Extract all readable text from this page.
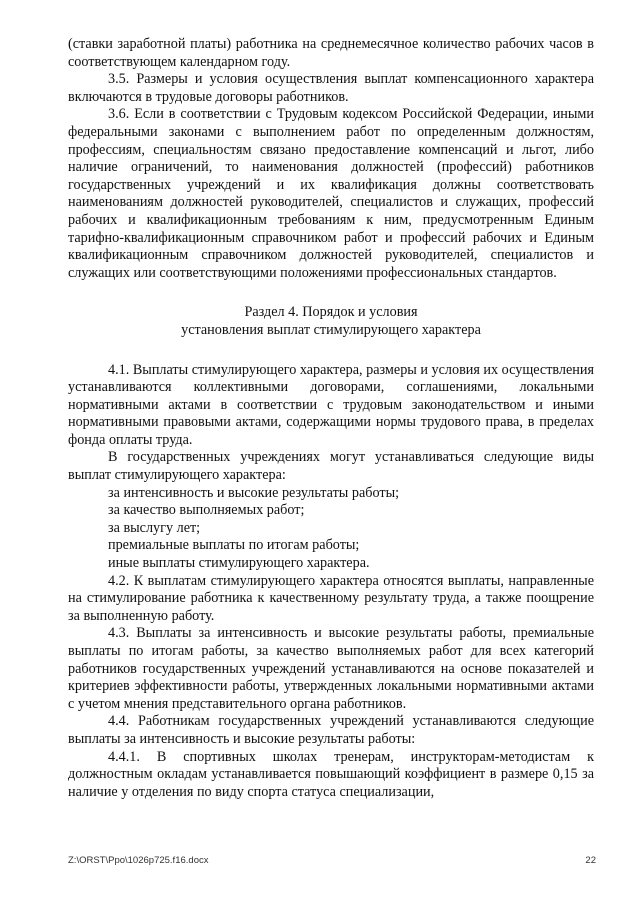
(ставки заработной платы) работника на среднемесячное количество рабочих часов в соответствующем календарном году.

3.5. Размеры и условия осуществления выплат компенсационного характера включаются в трудовые договоры работников.

3.6. Если в соответствии с Трудовым кодексом Российской Федерации, иными федеральными законами с выполнением работ по определенным должностям, профессиям, специальностям связано предоставление компенсаций и льгот, либо наличие ограничений, то наименования должностей (профессий) работников государственных учреждений и их квалификация должны соответствовать наименованиям должностей руководителей, специалистов и служащих, профессий рабочих и квалификационным требованиям к ним, предусмотренным Единым тарифно-квалификационным справочником работ и профессий рабочих и Единым квалификационным справочником должностей руководителей, специалистов и служащих или соответствующими положениями профессиональных стандартов.

Раздел 4. Порядок и условия

установления выплат стимулирующего характера

4.1. Выплаты стимулирующего характера, размеры и условия их осуществления устанавливаются коллективными договорами, соглашениями, локальными нормативными актами в соответствии с трудовым законодательством и иными нормативными правовыми актами, содержащими нормы трудового права, в пределах фонда оплаты труда.

В государственных учреждениях могут устанавливаться следующие виды выплат стимулирующего характера:

за интенсивность и высокие результаты работы;

за качество выполняемых работ;

за выслугу лет;

премиальные выплаты по итогам работы;

иные выплаты стимулирующего характера.

4.2. К выплатам стимулирующего характера относятся выплаты, направленные на стимулирование работника к качественному результату труда, а также поощрение за выполненную работу.

4.3. Выплаты за интенсивность и высокие результаты работы, премиальные выплаты по итогам работы, за качество выполняемых работ для всех категорий работников государственных учреждений устанавливаются на основе показателей и критериев эффективности работы, утвержденных локальными нормативными актами с учетом мнения представительного органа работников.

4.4. Работникам государственных учреждений устанавливаются следующие выплаты за интенсивность и высокие результаты работы:

4.4.1. В спортивных школах тренерам, инструкторам-методистам к должностным окладам устанавливается повышающий коэффициент в размере 0,15 за наличие у отделения по виду спорта статуса специализации,

Z:\ORST\Ppo\1026p725.f16.docx	22
